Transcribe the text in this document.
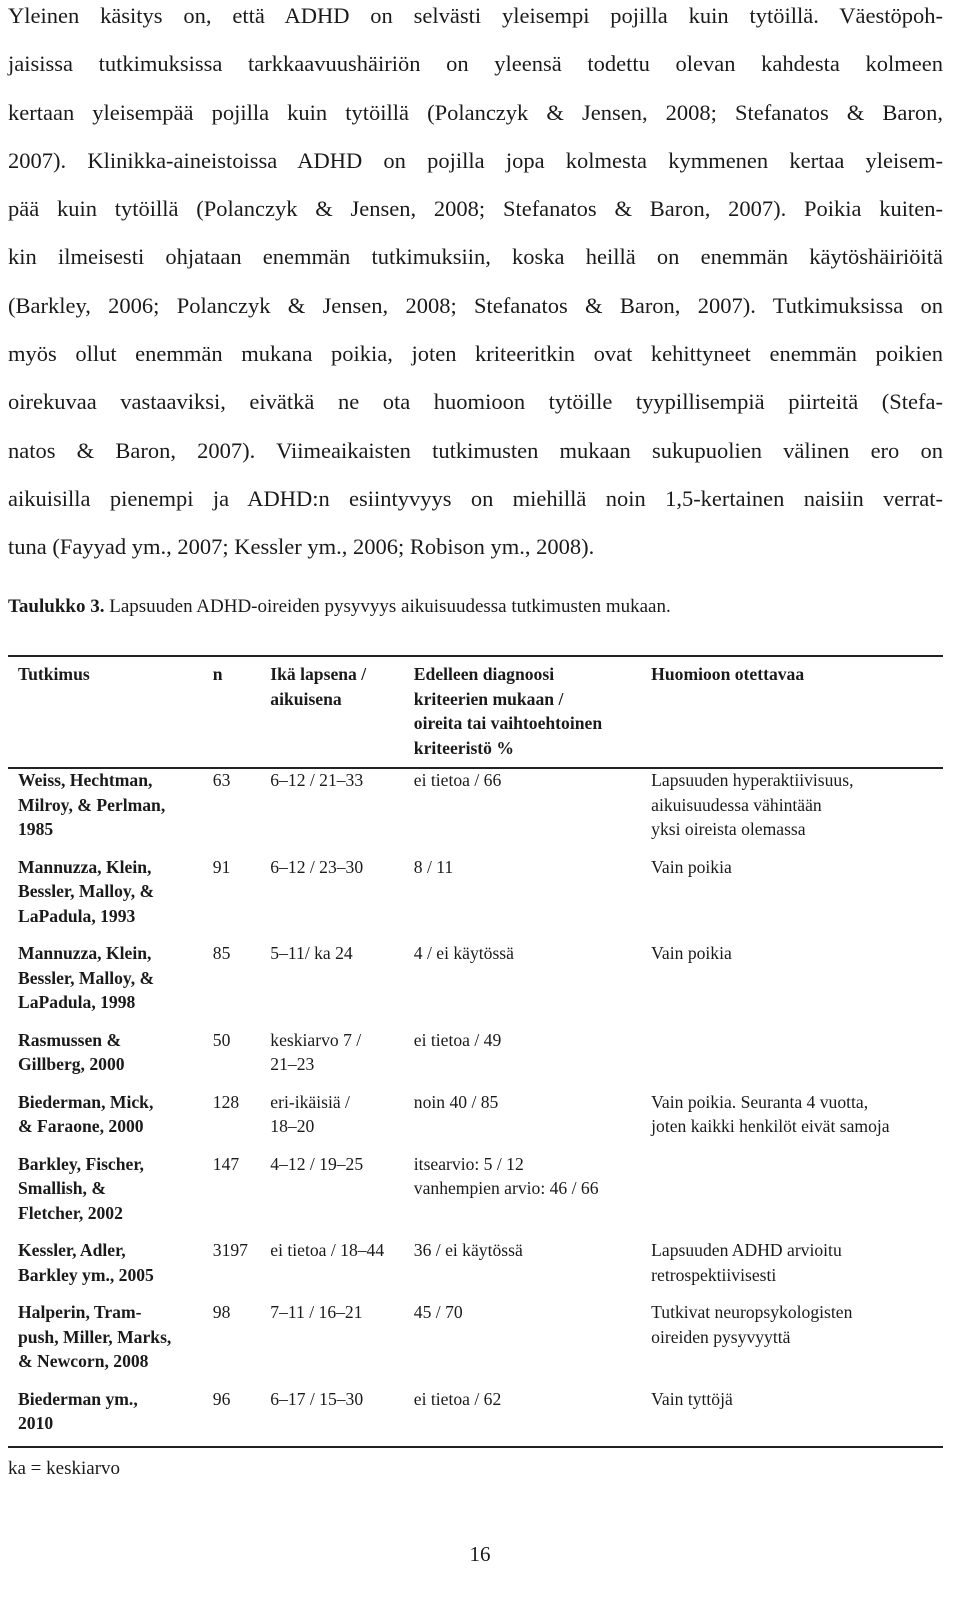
Yleinen käsitys on, että ADHD on selvästi yleisempi pojilla kuin tytöillä. Väestöpoh-
jaisissa tutkimuksissa tarkkaavuushäiriön on yleensä todettu olevan kahdesta kolmeen
kertaan yleisempää pojilla kuin tytöillä (Polanczyk & Jensen, 2008; Stefanatos & Baron,
2007). Klinikka-aineistoissa ADHD on pojilla jopa kolmesta kymmenen kertaa yleisem-
pää kuin tytöillä (Polanczyk & Jensen, 2008; Stefanatos & Baron, 2007). Poikia kuiten-
kin ilmeisesti ohjataan enemmän tutkimuksiin, koska heillä on enemmän käytöshäiriöitä
(Barkley, 2006; Polanczyk & Jensen, 2008; Stefanatos & Baron, 2007). Tutkimuksissa on
myös ollut enemmän mukana poikia, joten kriteeritkin ovat kehittyneet enemmän poikien
oirekuvaa vastaaviksi, eivätkä ne ota huomioon tytöille tyypillisempiä piirteitä (Stefa-
natos & Baron, 2007). Viimeaikaisten tutkimusten mukaan sukupuolien välinen ero on
aikuisilla pienempi ja ADHD:n esiintyvyys on miehillä noin 1,5-kertainen naisiin verrat-
tuna (Fayyad ym., 2007; Kessler ym., 2006; Robison ym., 2008).

Taulukko 3. Lapsuuden ADHD-oireiden pysyvyys aikuisuudessa tutkimusten mukaan.

Tutkimus	n	Ikä lapsena /
aikuisena	Edelleen diagnoosi
kriteerien mukaan /
oireita tai vaihtoehtoinen
kriteeristö %	Huomioon otettavaa
Weiss, Hechtman,
Milroy, & Perlman,
1985	63	6–12 / 21–33	ei tietoa / 66	Lapsuuden hyperaktiivisuus,
aikuisuudessa vähintään
yksi oireista olemassa
Mannuzza, Klein,
Bessler, Malloy, &
LaPadula, 1993	91	6–12 / 23–30	8 / 11	Vain poikia
Mannuzza, Klein,
Bessler, Malloy, &
LaPadula, 1998	85	5–11/ ka 24	4 / ei käytössä	Vain poikia
Rasmussen &
Gillberg, 2000	50	keskiarvo 7 /
21–23	ei tietoa / 49	
Biederman, Mick,
& Faraone, 2000	128	eri-ikäisiä /
18–20	noin 40 / 85	Vain poikia. Seuranta 4 vuotta,
joten kaikki henkilöt eivät samoja
Barkley, Fischer,
Smallish, &
Fletcher, 2002	147	4–12 / 19–25	itsearvio: 5 / 12
vanhempien arvio: 46 / 66	
Kessler, Adler,
Barkley ym., 2005	3197	ei tietoa / 18–44	36 / ei käytössä	Lapsuuden ADHD arvioitu
retrospektiivisesti
Halperin, Tram-
push, Miller, Marks,
& Newcorn, 2008	98	7–11 / 16–21	45 / 70	Tutkivat neuropsykologisten
oireiden pysyvyyttä
Biederman ym.,
2010	96	6–17 / 15–30	ei tietoa / 62	Vain tyttöjä

ka = keskiarvo

16
